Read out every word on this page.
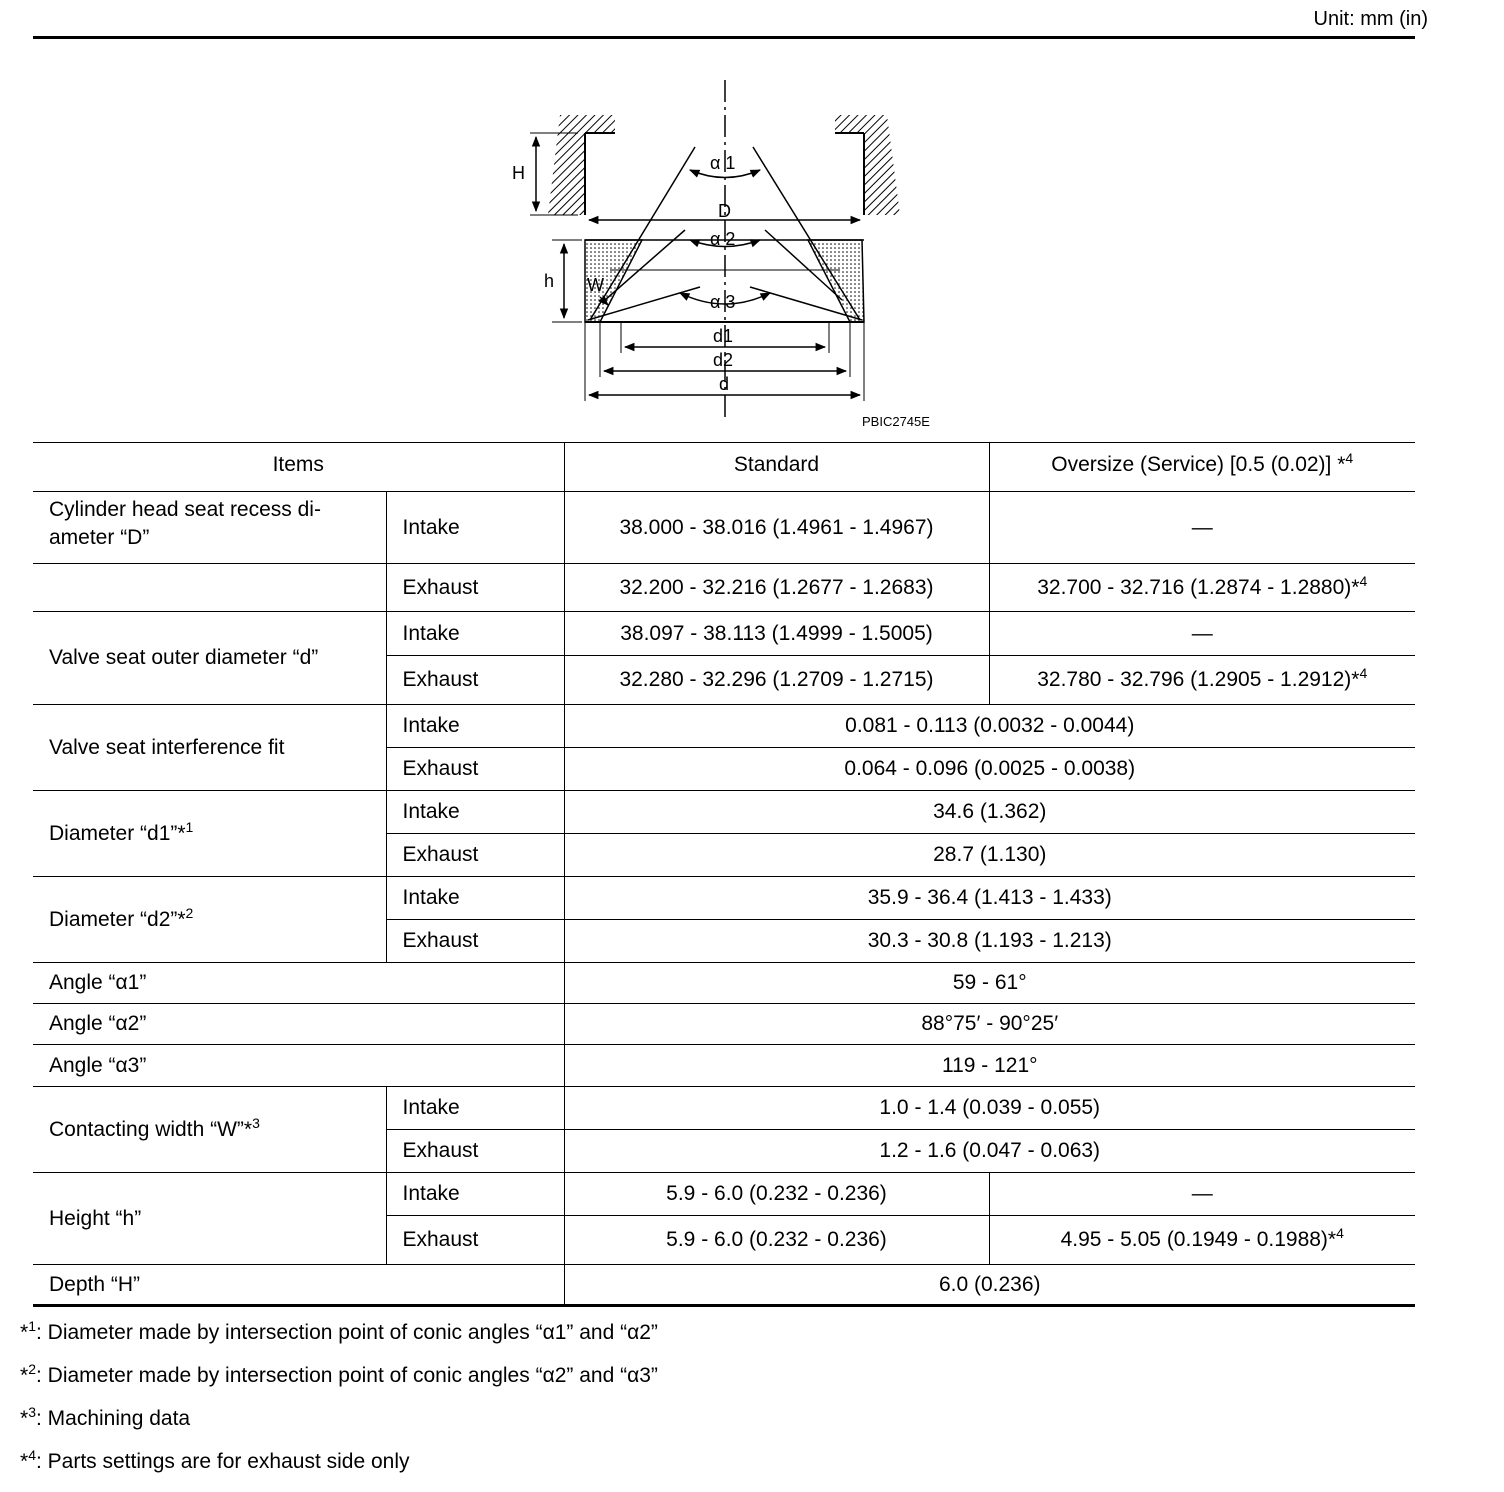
Unit: mm (in)
H
D
α 1
α 2
α 3
h W
d1
d2
d
PBIC2745E
Items		Standard	Oversize (Service) [0.5 (0.02)] *$^4$
Cylinder head seat recess di-
ameter “D”	Intake	38.000 - 38.016 (1.4961 - 1.4967)	—
	Exhaust	32.200 - 32.216 (1.2677 - 1.2683)	32.700 - 32.716 (1.2874 - 1.2880)*$^4$
Valve seat outer diameter “d”	Intake	38.097 - 38.113 (1.4999 - 1.5005)	—
	Exhaust	32.280 - 32.296 (1.2709 - 1.2715)	32.780 - 32.796 (1.2905 - 1.2912)*$^4$
Valve seat interference fit	Intake	0.081 - 0.113 (0.0032 - 0.0044)	
	Exhaust	0.064 - 0.096 (0.0025 - 0.0038)	
Diameter “d1”*$^1$	Intake	34.6 (1.362)	
	Exhaust	28.7 (1.130)	
Diameter “d2”*$^2$	Intake	35.9 - 36.4 (1.413 - 1.433)	
	Exhaust	30.3 - 30.8 (1.193 - 1.213)	
Angle “α1”		59 - 61°	
Angle “α2”		88°75′ - 90°25′	
Angle “α3”		119 - 121°	
Contacting width “W”*$^3$	Intake	1.0 - 1.4 (0.039 - 0.055)	
	Exhaust	1.2 - 1.6 (0.047 - 0.063)	
Height “h”	Intake	5.9 - 6.0 (0.232 - 0.236)	—
	Exhaust	5.9 - 6.0 (0.232 - 0.236)	4.95 - 5.05 (0.1949 - 0.1988)*$^4$
Depth “H”		6.0 (0.236)	
*$^1$: Diameter made by intersection point of conic angles “α1” and “α2”
*$^2$: Diameter made by intersection point of conic angles “α2” and “α3”
*$^3$: Machining data
*$^4$: Parts settings are for exhaust side only
